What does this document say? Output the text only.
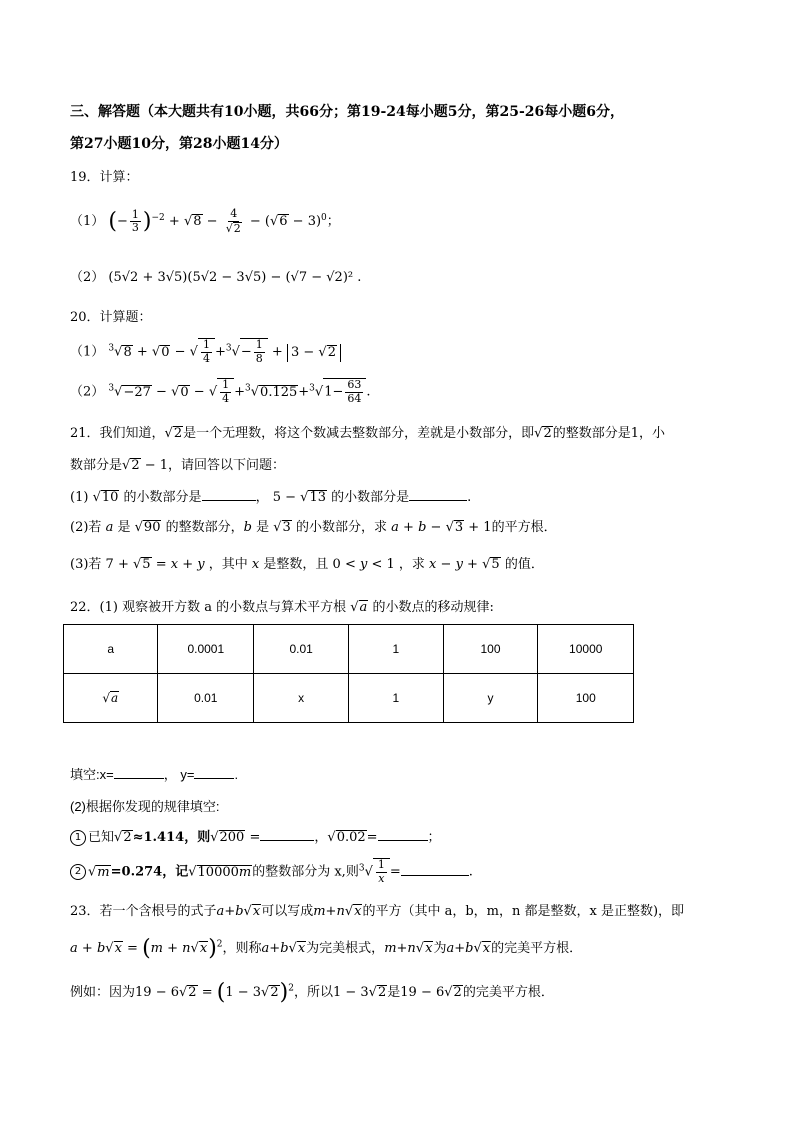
三、解答题（本大题共有10小题，共66分；第19-24每小题5分，第25-26每小题6分，
第27小题10分，第28小题14分）
19．计算：
（1） (− $\frac{1}{3} )^{-2} + √8 - \frac{4}{√2} - (√6 - 3)^0$；
（2） (5√2 + 3√5)(5√2 − 3√5) − (√7 − √2)² .
20．计算题：
（1） $^3$√8 + √0 − √ $\frac{1}{4} +^3√- \frac{1}{8} + 3 - √2$
（2） $^3$√−27 − √0 − √ $\frac{1}{4} +^3√0.125+^3√1- \frac{63}{64}$ .
21．我们知道，√2是一个无理数，将这个数减去整数部分，差就是小数部分，即√2的整数部分是1，小
数部分是√2 − 1，请回答以下问题：
(1) √10 的小数部分是	， 5 − √13 的小数部分是	.
(2)若 a 是 √90 的整数部分，b 是 √3 的小数部分，求 a + b − √3 + 1的平方根．
(3)若 7 + √5 = x + y ，其中 x 是整数，且 0 < y < 1 ，求 x − y + √5 的值．
22．(1) 观察被开方数 a 的小数点与算术平方根 √a 的小数点的移动规律:
a	0.0001	0.01	1	100	10000
√a	0.01	x	1	y	100
填空:x=	， y=	.
(2)根据你发现的规律填空:
1 已知√2≈1.414，则√200 =	，√0.02=	；
2 √m=0.274，记√10000m的整数部分为 x,则$^3√ \frac{1}{x}$ =	.
23．若一个含根号的式子a+b√x可以写成m+n√x的平方（其中 a，b，m，n 都是整数，x 是正整数)，即
$a + b√x = (m + n√x)^2$，则称a+b√x为完美根式，m+n√x为a+b√x的完美平方根．
例如：因为$19 - 6√2 = (1 - 3√2)^2$，所以1 − 3√2是19 − 6√2的完美平方根．
